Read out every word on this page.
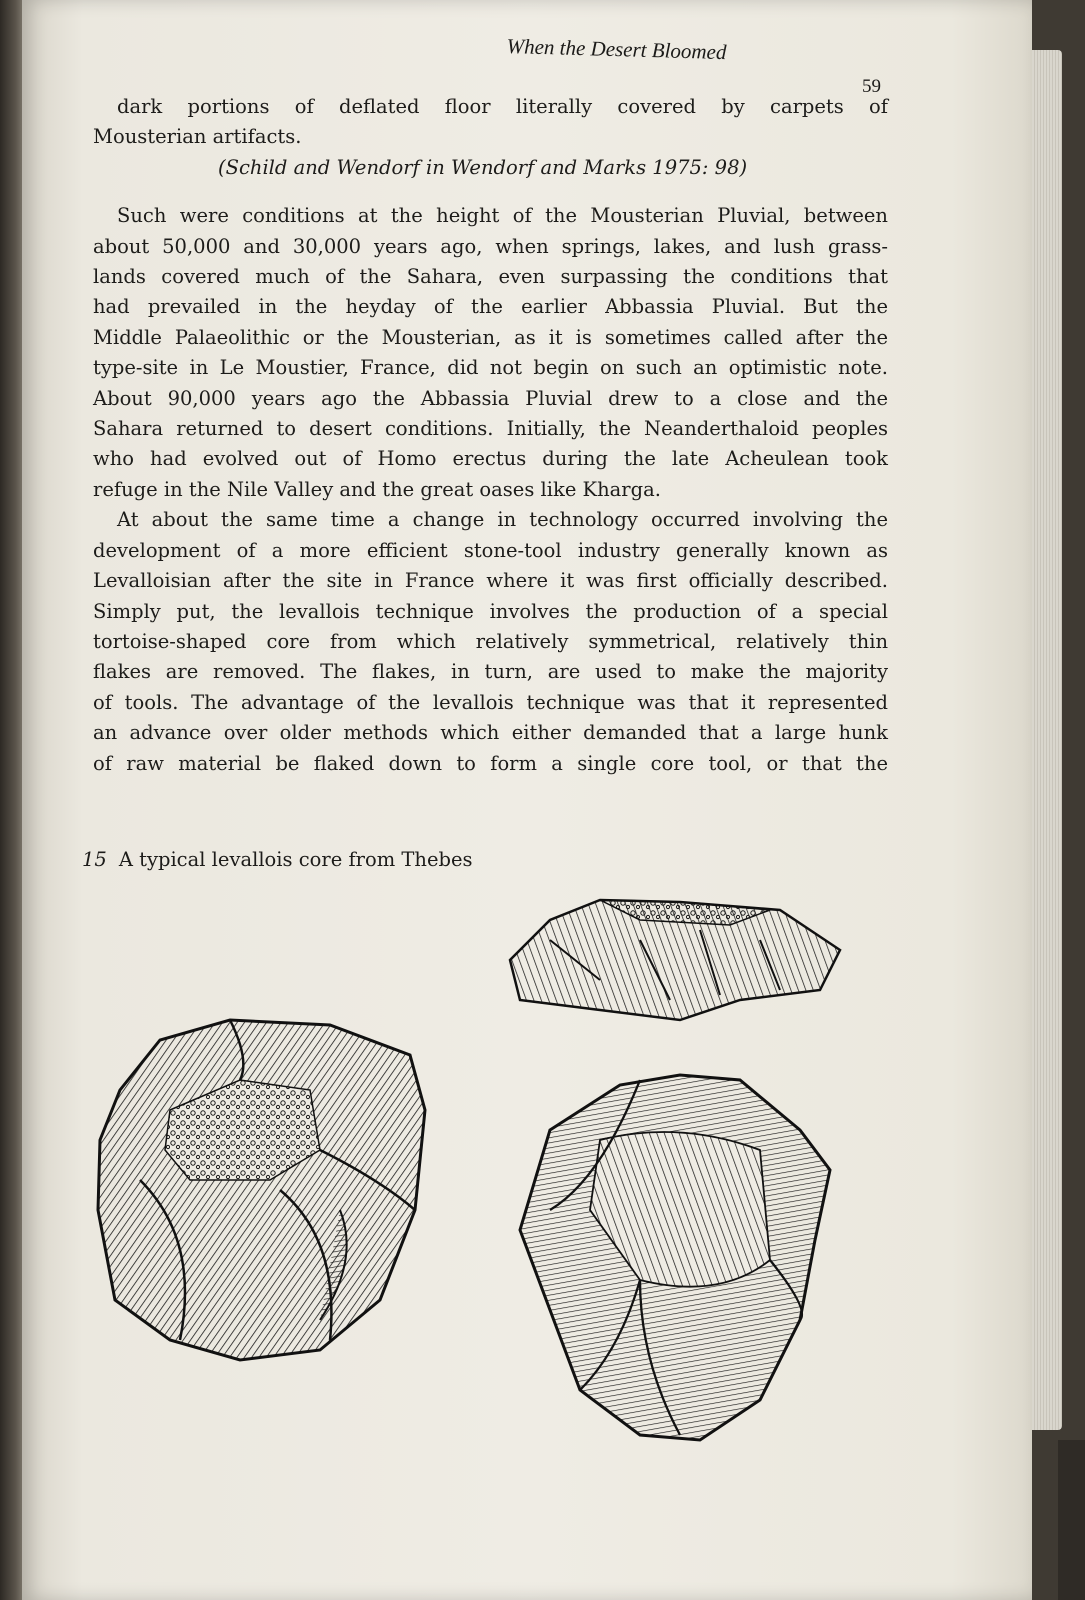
When the Desert Bloomed
59
dark portions of deflated floor literally covered by carpets of
Mousterian artifacts.
(Schild and Wendorf in Wendorf and Marks 1975: 98)
Such were conditions at the height of the Mousterian Pluvial, between
about 50,000 and 30,000 years ago, when springs, lakes, and lush grass-
lands covered much of the Sahara, even surpassing the conditions that
had prevailed in the heyday of the earlier Abbassia Pluvial. But the
Middle Palaeolithic or the Mousterian, as it is sometimes called after the
type-site in Le Moustier, France, did not begin on such an optimistic note.
About 90,000 years ago the Abbassia Pluvial drew to a close and the
Sahara returned to desert conditions. Initially, the Neanderthaloid peoples
who had evolved out of Homo erectus during the late Acheulean took
refuge in the Nile Valley and the great oases like Kharga.
At about the same time a change in technology occurred involving the
development of a more efficient stone-tool industry generally known as
Levalloisian after the site in France where it was first officially described.
Simply put, the levallois technique involves the production of a special
tortoise-shaped core from which relatively symmetrical, relatively thin
flakes are removed. The flakes, in turn, are used to make the majority
of tools. The advantage of the levallois technique was that it represented
an advance over older methods which either demanded that a large hunk
of raw material be flaked down to form a single core tool, or that the
15 A typical levallois core from Thebes
